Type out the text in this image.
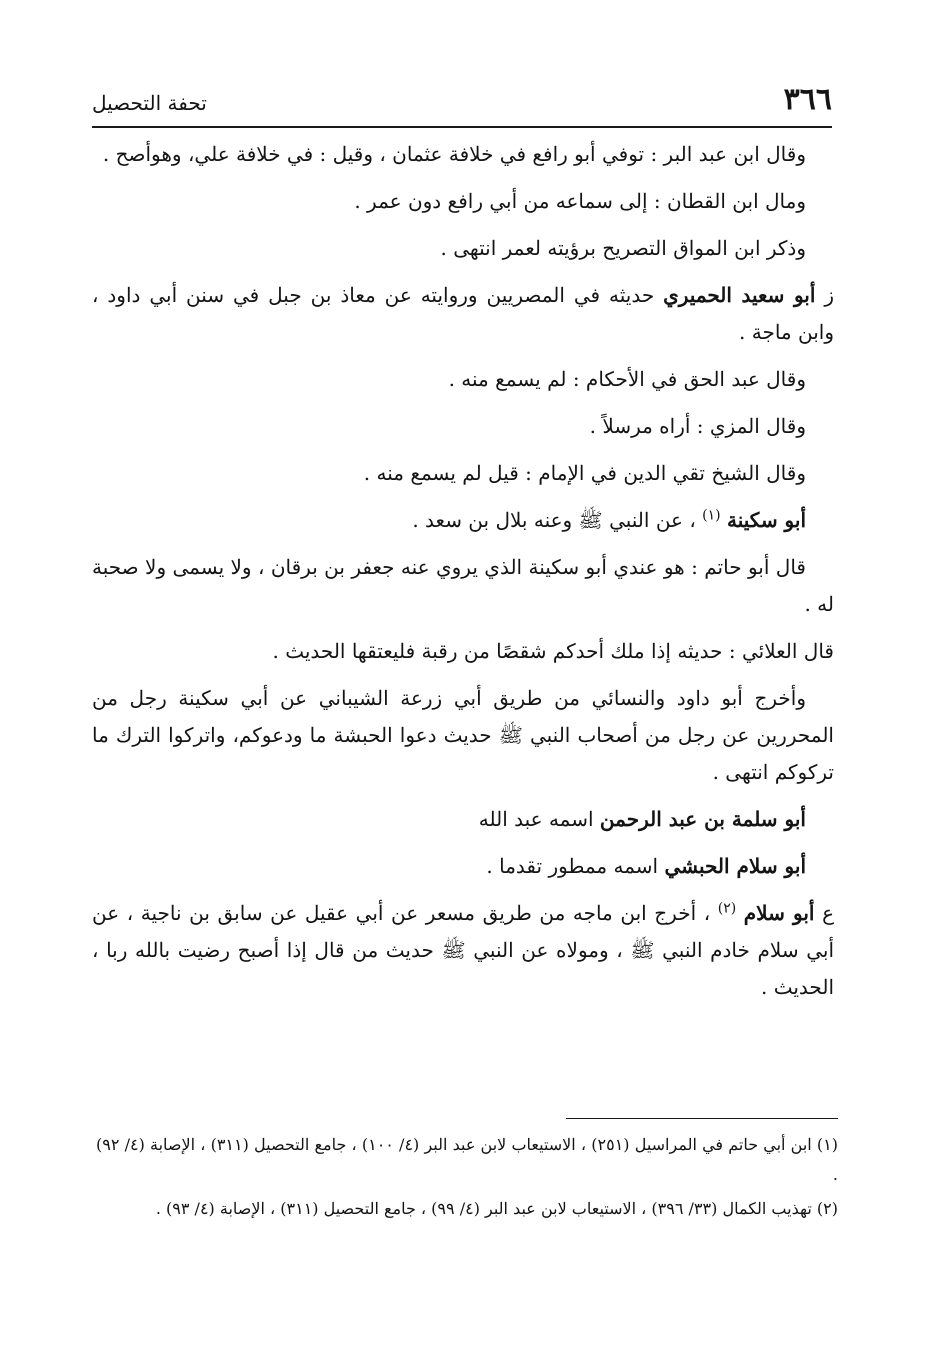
٣٦٦
تحفة التحصيل

وقال ابن عبد البر : توفي أبو رافع في خلافة عثمان ، وقيل : في خلافة علي، وهوأصح .

ومال ابن القطان : إلى سماعه من أبي رافع دون عمر .

وذكر ابن المواق التصريح برؤيته لعمر انتهى .

ز أبو سعيد الحميري حديثه في المصريين وروايته عن معاذ بن جبل في سنن أبي داود ، وابن ماجة .

وقال عبد الحق في الأحكام : لم يسمع منه .

وقال المزي : أراه مرسلاً .

وقال الشيخ تقي الدين في الإمام : قيل لم يسمع منه .

أبو سكينة $^{(١)}$ ، عن النبي ﷺ وعنه بلال بن سعد .

قال أبو حاتم : هو عندي أبو سكينة الذي يروي عنه جعفر بن برقان ، ولا يسمى ولا صحبة له .

قال العلائي : حديثه إذا ملك أحدكم شقصًا من رقبة فليعتقها الحديث .

وأخرج أبو داود والنسائي من طريق أبي زرعة الشيباني عن أبي سكينة رجل من المحررين عن رجل من أصحاب النبي ﷺ حديث دعوا الحبشة ما ودعوكم، واتركوا الترك ما تركوكم انتهى .

أبو سلمة بن عبد الرحمن اسمه عبد الله

أبو سلام الحبشي اسمه ممطور تقدما .

ع أبو سلام $^{(٢)}$ ، أخرج ابن ماجه من طريق مسعر عن أبي عقيل عن سابق بن ناجية ، عن أبي سلام خادم النبي ﷺ ، ومولاه عن النبي ﷺ حديث من قال إذا أصبح رضيت بالله ربا ، الحديث .

(١) ابن أبي حاتم في المراسيل (٢٥١) ، الاستيعاب لابن عبد البر (٤/ ١٠٠) ، جامع التحصيل (٣١١) ، الإصابة (٤/ ٩٢) .

(٢) تهذيب الكمال (٣٣/ ٣٩٦) ، الاستيعاب لابن عبد البر (٤/ ٩٩) ، جامع التحصيل (٣١١) ، الإصابة (٤/ ٩٣) .
